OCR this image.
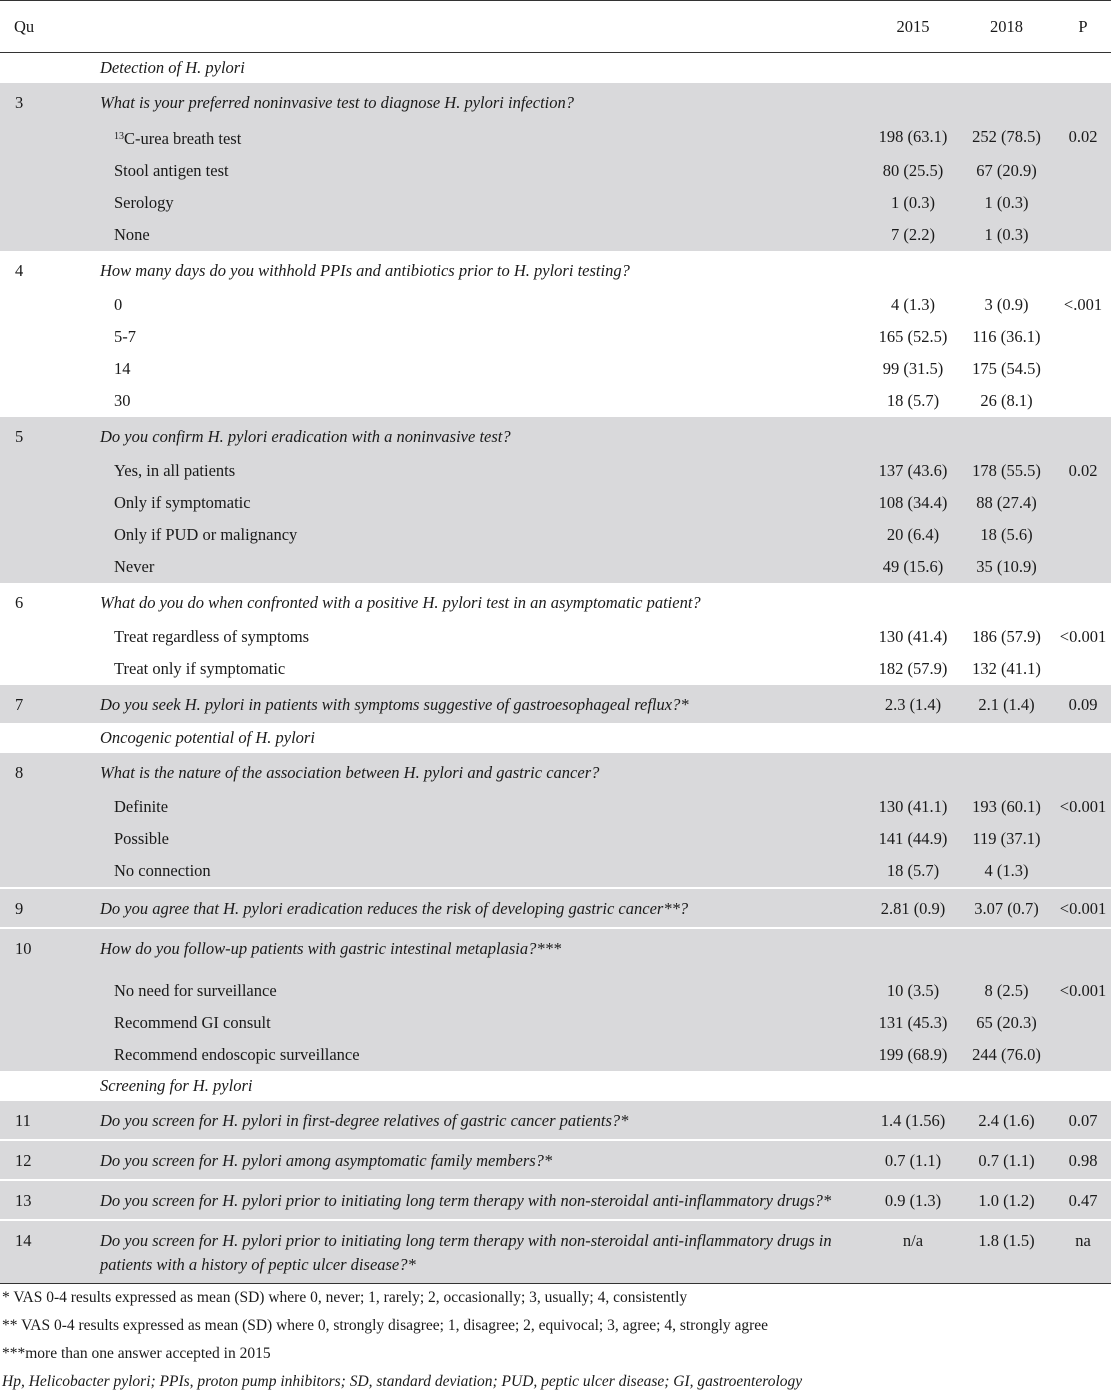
Qu		2015	2018	P
	Detection of H. pylori			
3	What is your preferred noninvasive test to diagnose H. pylori infection?			
	$^{13}$C-urea breath test	198 (63.1)	252 (78.5)	0.02
	Stool antigen test	80 (25.5)	67 (20.9)	
	Serology	1 (0.3)	1 (0.3)	
	None	7 (2.2)	1 (0.3)	
4	How many days do you withhold PPIs and antibiotics prior to H. pylori testing?			
	0	4 (1.3)	3 (0.9)	<.001
	5-7	165 (52.5)	116 (36.1)	
	14	99 (31.5)	175 (54.5)	
	30	18 (5.7)	26 (8.1)	
5	Do you confirm H. pylori eradication with a noninvasive test?			
	Yes, in all patients	137 (43.6)	178 (55.5)	0.02
	Only if symptomatic	108 (34.4)	88 (27.4)	
	Only if PUD or malignancy	20 (6.4)	18 (5.6)	
	Never	49 (15.6)	35 (10.9)	
6	What do you do when confronted with a positive H. pylori test in an asymptomatic patient?			
	Treat regardless of symptoms	130 (41.4)	186 (57.9)	<0.001
	Treat only if symptomatic	182 (57.9)	132 (41.1)	
7	Do you seek H. pylori in patients with symptoms suggestive of gastroesophageal reflux?*	2.3 (1.4)	2.1 (1.4)	0.09
	Oncogenic potential of H. pylori			
8	What is the nature of the association between H. pylori and gastric cancer?			
	Definite	130 (41.1)	193 (60.1)	<0.001
	Possible	141 (44.9)	119 (37.1)	
	No connection	18 (5.7)	4 (1.3)	
9	Do you agree that H. pylori eradication reduces the risk of developing gastric cancer**?	2.81 (0.9)	3.07 (0.7)	<0.001
10	How do you follow-up patients with gastric intestinal metaplasia?***			

	No need for surveillance	10 (3.5)	8 (2.5)	<0.001
	Recommend GI consult	131 (45.3)	65 (20.3)	
	Recommend endoscopic surveillance	199 (68.9)	244 (76.0)	
	Screening for H. pylori			
11	Do you screen for H. pylori in first-degree relatives of gastric cancer patients?*	1.4 (1.56)	2.4 (1.6)	0.07
12	Do you screen for H. pylori among asymptomatic family members?*	0.7 (1.1)	0.7 (1.1)	0.98
13	Do you screen for H. pylori prior to initiating long term therapy with non-steroidal anti-inflammatory drugs?*	0.9 (1.3)	1.0 (1.2)	0.47
14	Do you screen for H. pylori prior to initiating long term therapy with non-steroidal anti-inflammatory drugs in patients with a history of peptic ulcer disease?*	n/a	1.8 (1.5)	na
* VAS 0-4 results expressed as mean (SD) where 0, never; 1, rarely; 2, occasionally; 3, usually; 4, consistently				
** VAS 0-4 results expressed as mean (SD) where 0, strongly disagree; 1, disagree; 2, equivocal; 3, agree; 4, strongly agree				
***more than one answer accepted in 2015				
Hp, Helicobacter pylori; PPIs, proton pump inhibitors; SD, standard deviation; PUD, peptic ulcer disease; GI, gastroenterology				
